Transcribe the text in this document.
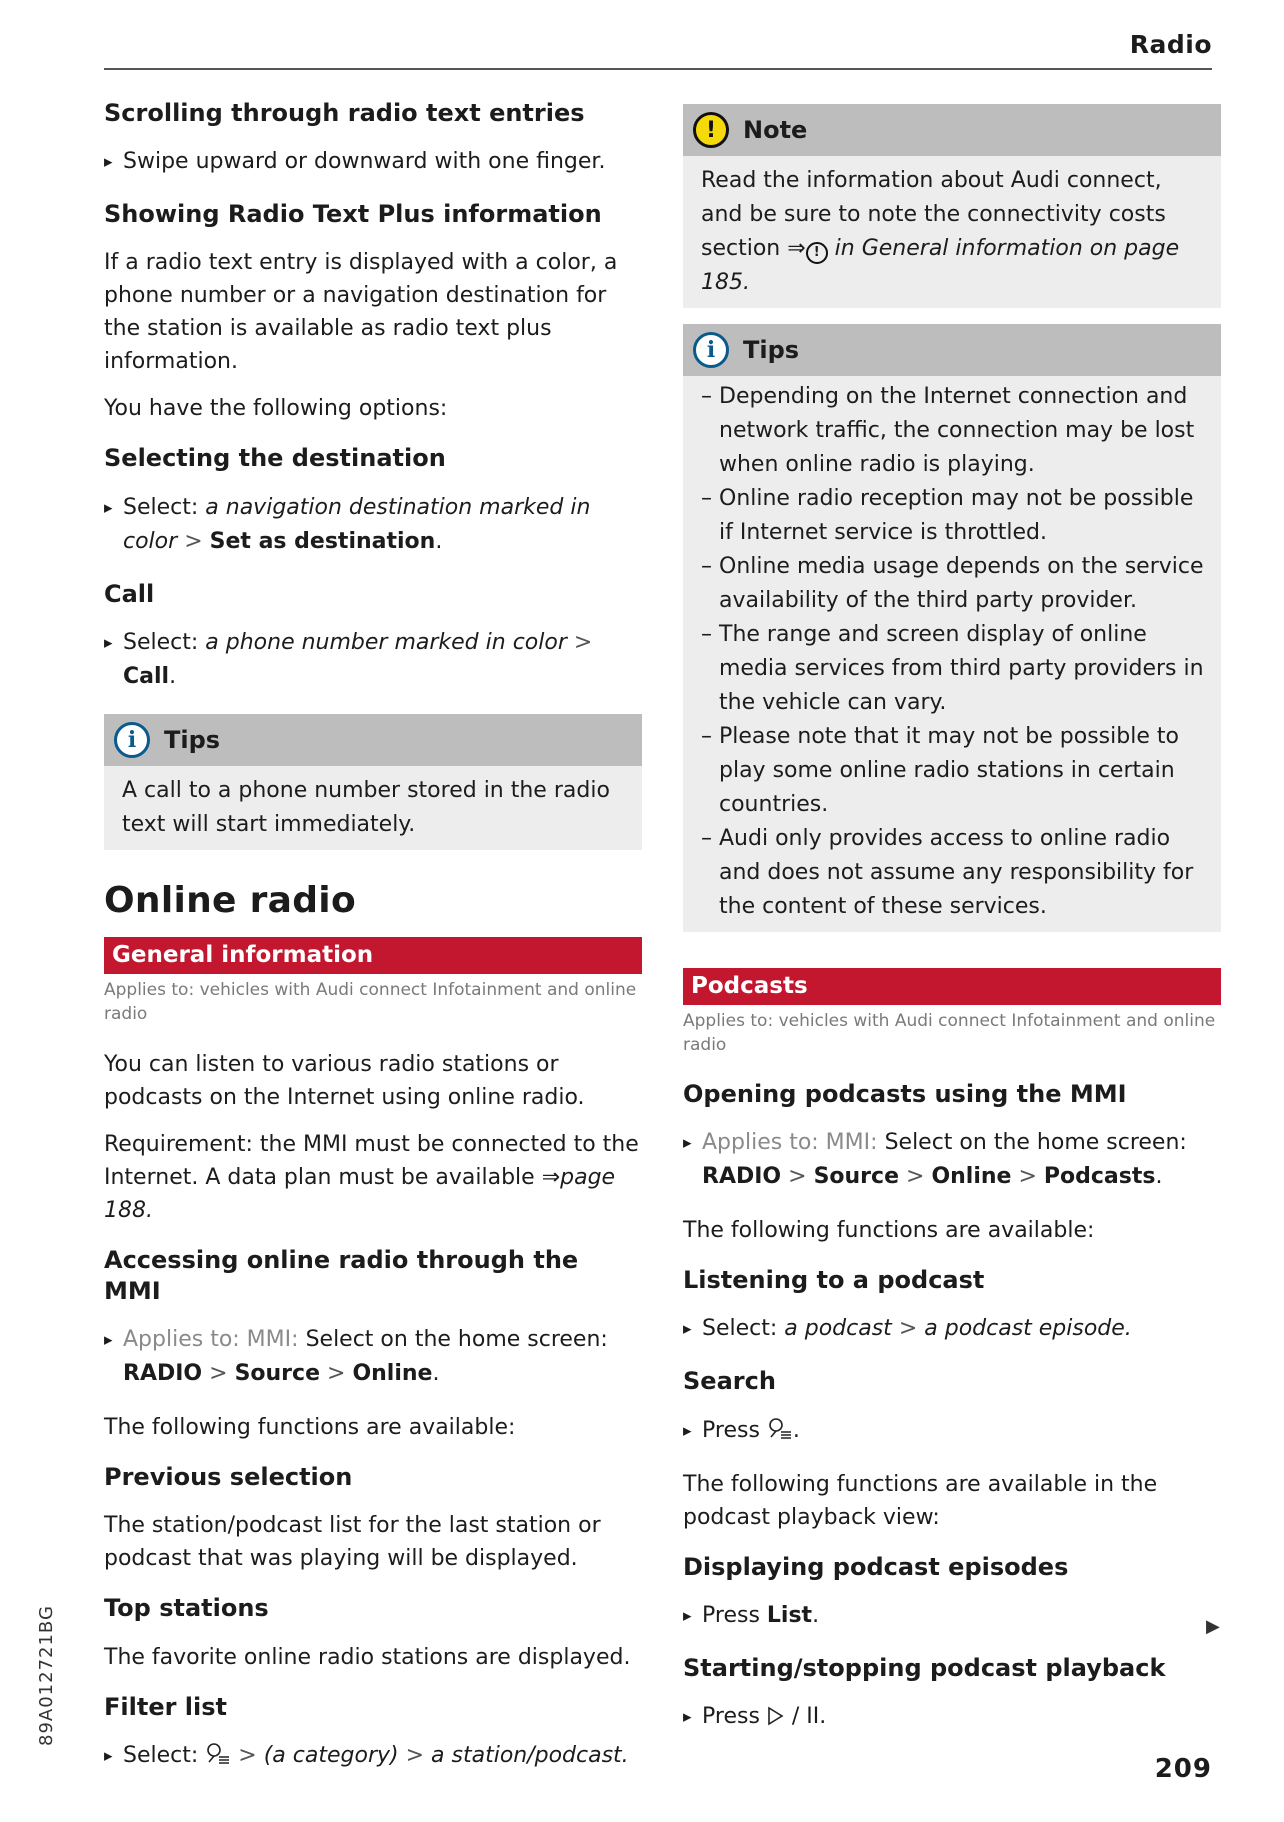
Radio
Scrolling through radio text entries
▸ Swipe upward or downward with one finger.
Showing Radio Text Plus information
If a radio text entry is displayed with a color, a phone number or a navigation destination for the station is available as radio text plus information.
You have the following options:
Selecting the destination
▸ Select: a navigation destination marked in color > Set as destination.
Call
▸ Select: a phone number marked in color > Call.
i	Tips
A call to a phone number stored in the radio text will start immediately.
Online radio
General information
Applies to: vehicles with Audi connect Infotainment and online radio
You can listen to various radio stations or podcasts on the Internet using online radio.
Requirement: the MMI must be connected to the Internet. A data plan must be available ⇒page 188.
Accessing online radio through the MMI
▸ Applies to: MMI: Select on the home screen:
RADIO > Source > Online.
The following functions are available:
Previous selection
The station/podcast list for the last station or podcast that was playing will be displayed.
Top stations
The favorite online radio stations are displayed.
Filter list
▸ Select: > (a category) > a station/podcast.
!	Note
Read the information about Audi connect, and be sure to note the connectivity costs section ⇒ ! in General information on page 185.
i	Tips
– Depending on the Internet connection and network traffic, the connection may be lost when online radio is playing.
– Online radio reception may not be possible if Internet service is throttled.
– Online media usage depends on the service availability of the third party provider.
– The range and screen display of online media services from third party providers in the vehicle can vary.
– Please note that it may not be possible to play some online radio stations in certain countries.
– Audi only provides access to online radio and does not assume any responsibility for the content of these services.
Podcasts
Applies to: vehicles with Audi connect Infotainment and online radio
Opening podcasts using the MMI
▸ Applies to: MMI: Select on the home screen:
RADIO > Source > Online > Podcasts.
The following functions are available:
Listening to a podcast
▸ Select: a podcast > a podcast episode.
Search
▸ Press .
The following functions are available in the podcast playback view:
Displaying podcast episodes
▸ Press List.
Starting/stopping podcast playback
▸ Press / II.
▶
89A012721BG
209
